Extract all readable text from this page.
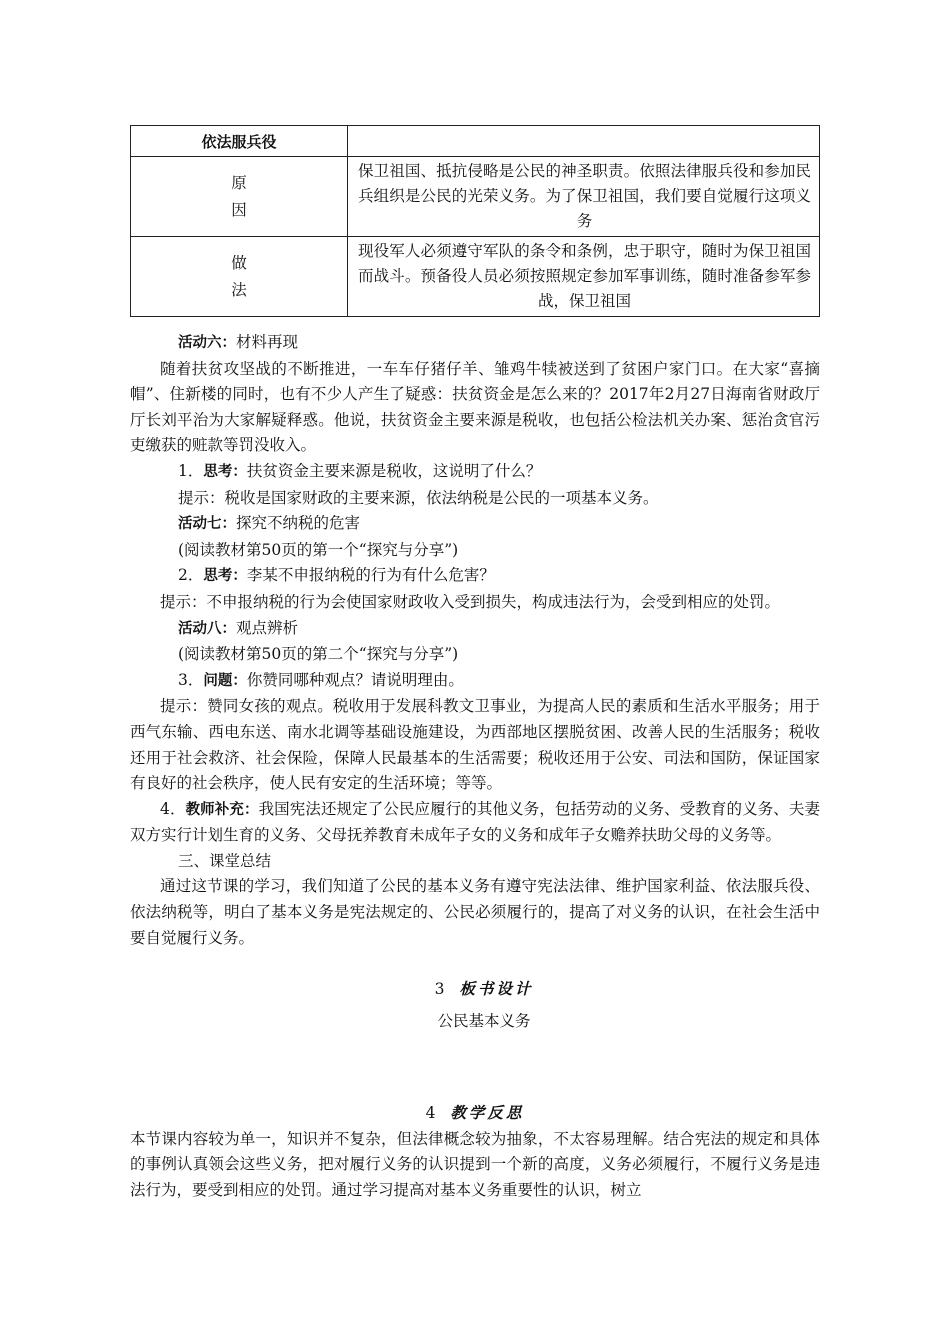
依法服兵役	

原
因	保卫祖国、抵抗侵略是公民的神圣职责。依照法律服兵役和参加民兵组织是公民的光荣义务。为了保卫祖国，我们要自觉履行这项义务

做
法	现役军人必须遵守军队的条令和条例，忠于职守，随时为保卫祖国而战斗。预备役人员必须按照规定参加军事训练，随时准备参军参战，保卫祖国

活动六：材料再现

随着扶贫攻坚战的不断推进，一车车仔猪仔羊、雏鸡牛犊被送到了贫困户家门口。在大家“喜摘帽”、住新楼的同时，也有不少人产生了疑惑：扶贫资金是怎么来的？2017年2月27日海南省财政厅厅长刘平治为大家解疑释惑。他说，扶贫资金主要来源是税收，也包括公检法机关办案、惩治贪官污吏缴获的赃款等罚没收入。

1．思考：扶贫资金主要来源是税收，这说明了什么？

提示：税收是国家财政的主要来源，依法纳税是公民的一项基本义务。

活动七：探究不纳税的危害

(阅读教材第50页的第一个“探究与分享”)

2．思考：李某不申报纳税的行为有什么危害？

提示：不申报纳税的行为会使国家财政收入受到损失，构成违法行为，会受到相应的处罚。

活动八：观点辨析

(阅读教材第50页的第二个“探究与分享”)

3．问题：你赞同哪种观点？请说明理由。

提示：赞同女孩的观点。税收用于发展科教文卫事业，为提高人民的素质和生活水平服务；用于西气东输、西电东送、南水北调等基础设施建设，为西部地区摆脱贫困、改善人民的生活服务；税收还用于社会救济、社会保险，保障人民最基本的生活需要；税收还用于公安、司法和国防，保证国家有良好的社会秩序，使人民有安定的生活环境；等等。

4．教师补充：我国宪法还规定了公民应履行的其他义务，包括劳动的义务、受教育的义务、夫妻双方实行计划生育的义务、父母抚养教育未成年子女的义务和成年子女赡养扶助父母的义务等。

三、课堂总结

通过这节课的学习，我们知道了公民的基本义务有遵守宪法法律、维护国家利益、依法服兵役、依法纳税等，明白了基本义务是宪法规定的、公民必须履行的，提高了对义务的认识，在社会生活中要自觉履行义务。

3 板书设计

公民基本义务

4 教学反思

本节课内容较为单一，知识并不复杂，但法律概念较为抽象，不太容易理解。结合宪法的规定和具体的事例认真领会这些义务，把对履行义务的认识提到一个新的高度，义务必须履行，不履行义务是违法行为，要受到相应的处罚。通过学习提高对基本义务重要性的认识，树立
